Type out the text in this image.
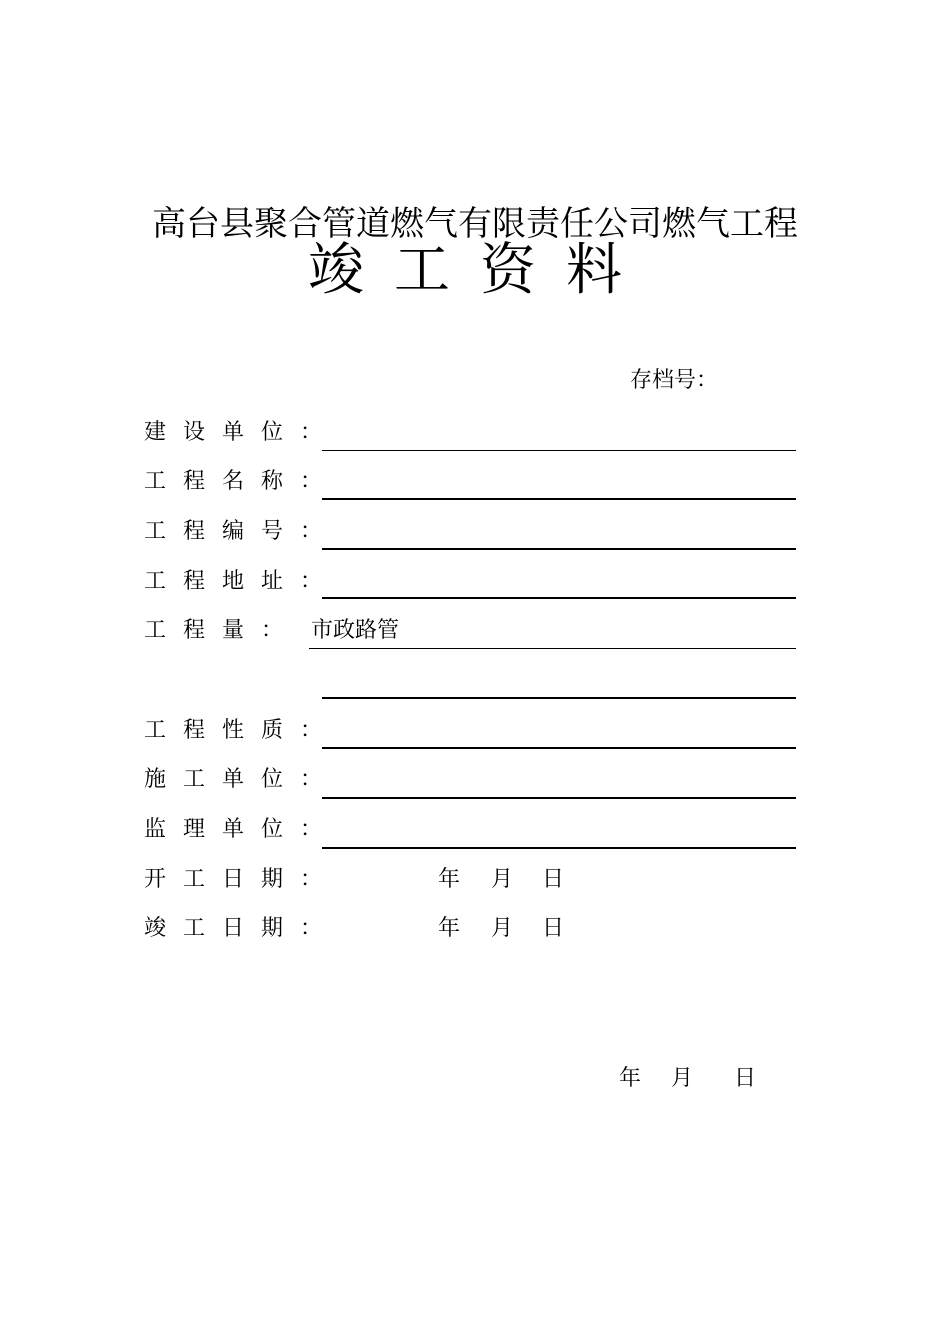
高台县聚合管道燃气有限责任公司燃气工程
竣工资料
存档号：
建设单位：
工程名称：
工程编号：
工程地址：
工程量： 市政路管
工程性质：
施工单位：
监理单位：
开工日期：	年 月 日
竣工日期：	年 月 日
年 月 日
